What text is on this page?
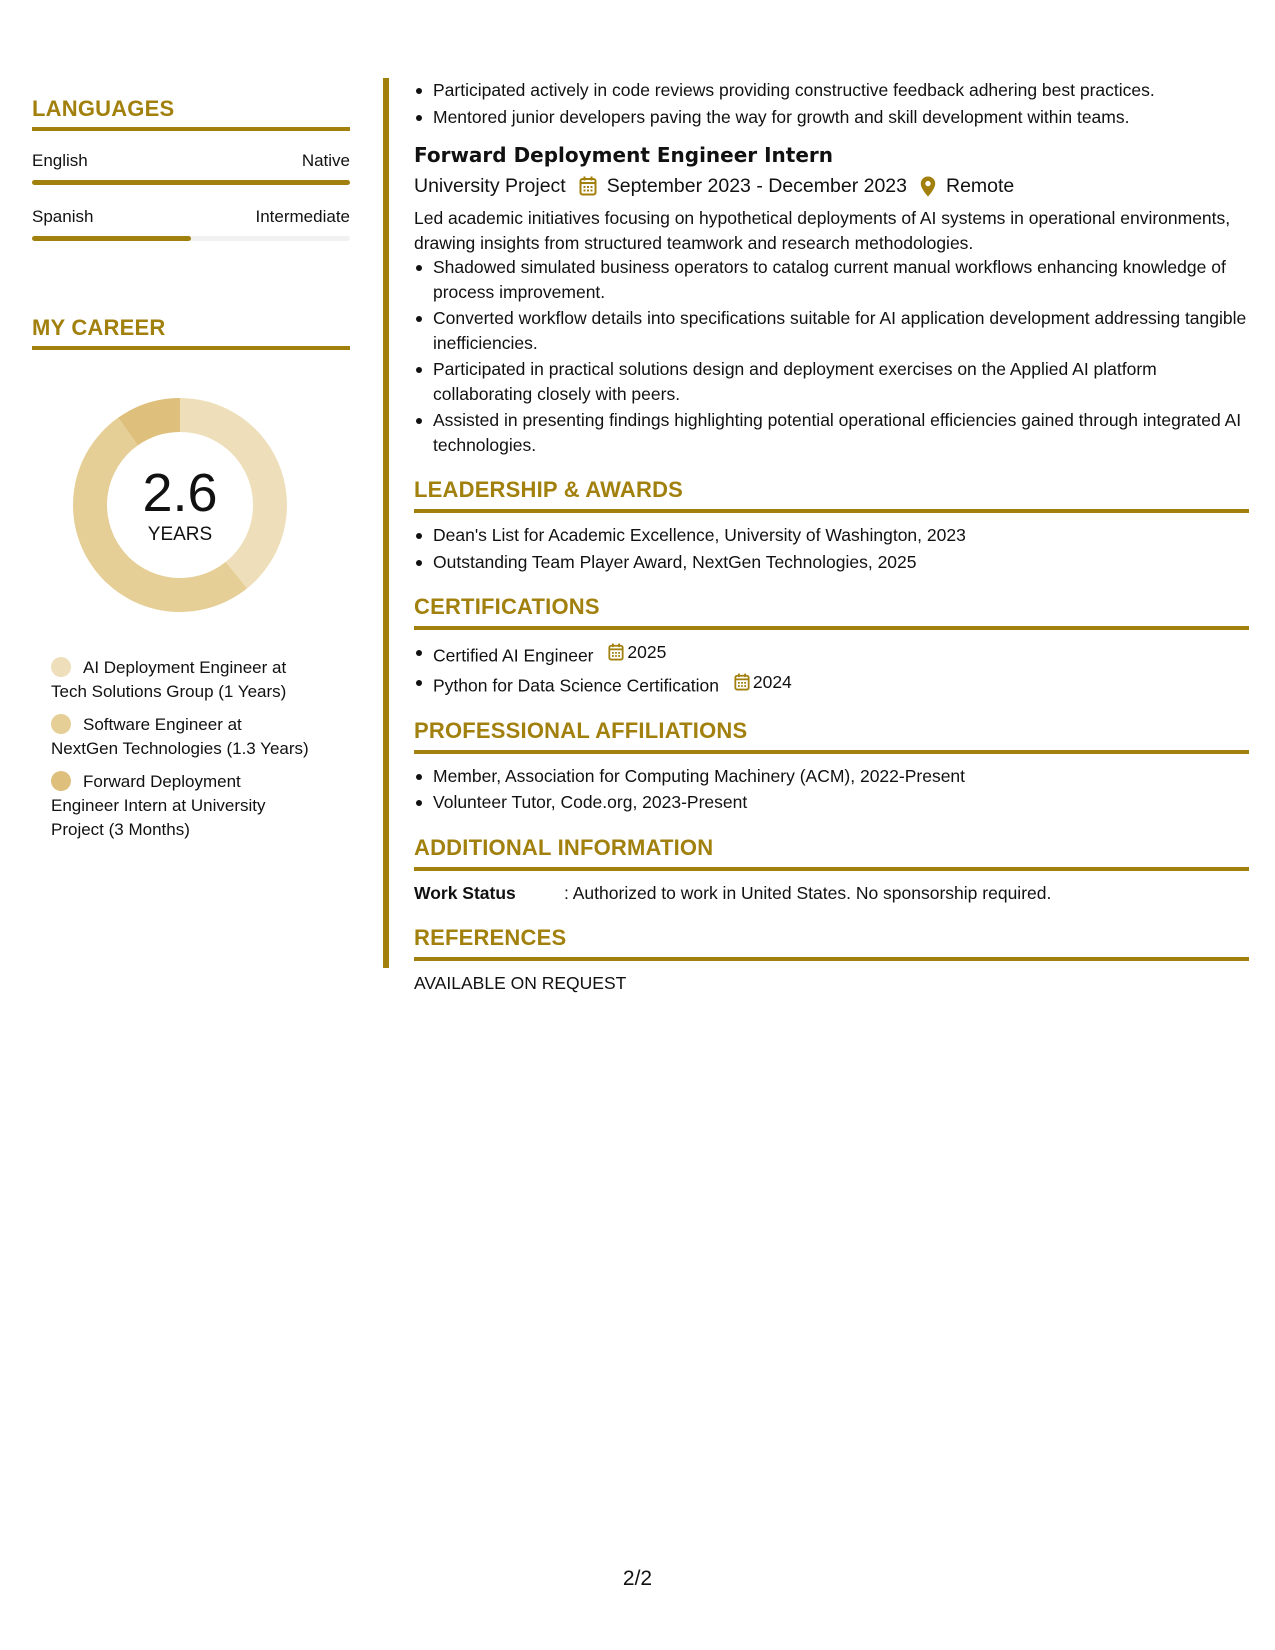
LANGUAGES
English	Native
Spanish	Intermediate
MY CAREER
2.6
YEARS
AI Deployment Engineer at Tech Solutions Group (1 Years)
Software Engineer at NextGen Technologies (1.3 Years)
Forward Deployment Engineer Intern at University Project (3 Months)
Participated actively in code reviews providing constructive feedback adhering best practices.
Mentored junior developers paving the way for growth and skill development within teams.
Forward Deployment Engineer Intern
University Project September 2023 - December 2023 Remote
Led academic initiatives focusing on hypothetical deployments of AI systems in operational environments, drawing insights from structured teamwork and research methodologies.
Shadowed simulated business operators to catalog current manual workflows enhancing knowledge of process improvement.
Converted workflow details into specifications suitable for AI application development addressing tangible inefficiencies.
Participated in practical solutions design and deployment exercises on the Applied AI platform collaborating closely with peers.
Assisted in presenting findings highlighting potential operational efficiencies gained through integrated AI technologies.
LEADERSHIP & AWARDS
Dean's List for Academic Excellence, University of Washington, 2023
Outstanding Team Player Award, NextGen Technologies, 2025
CERTIFICATIONS
Certified AI Engineer 2025
Python for Data Science Certification 2024
PROFESSIONAL AFFILIATIONS
Member, Association for Computing Machinery (ACM), 2022-Present
Volunteer Tutor, Code.org, 2023-Present
ADDITIONAL INFORMATION
Work Status	: Authorized to work in United States. No sponsorship required.
REFERENCES
AVAILABLE ON REQUEST
2/2
